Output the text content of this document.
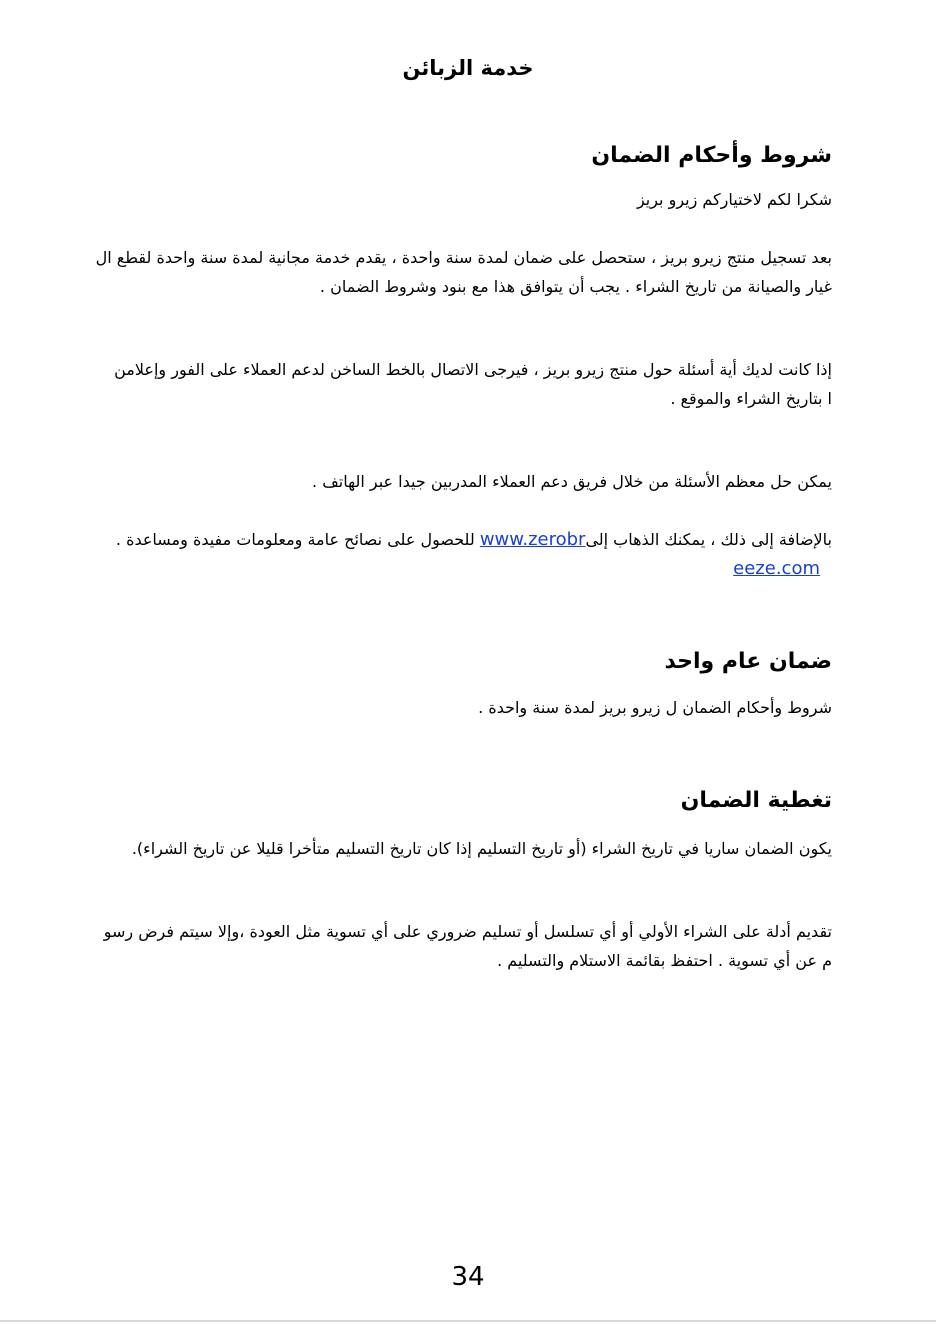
خدمة الزبائن
شروط وأحكام الضمان
شكرا لكم لاختياركم زيرو بريز
بعد تسجيل منتج زيرو بريز ، ستحصل على ضمان لمدة سنة واحدة ، يقدم خدمة مجانية لمدة سنة واحدة لقطع ال
غيار والصيانة من تاريخ الشراء . يجب أن يتوافق هذا مع بنود وشروط الضمان .
إذا كانت لديك أية أسئلة حول منتج زيرو بريز ، فيرجى الاتصال بالخط الساخن لدعم العملاء على الفور وإعلامن
ا بتاريخ الشراء والموقع .
يمكن حل معظم الأسئلة من خلال فريق دعم العملاء المدربين جيدا عبر الهاتف .
بالإضافة إلى ذلك ، يمكنك الذهاب إلىwww.zerobr للحصول على نصائح عامة ومعلومات مفيدة ومساعدة .
eeze.com
ضمان عام واحد
شروط وأحكام الضمان ل زيرو بريز لمدة سنة واحدة .
تغطية الضمان
يكون الضمان ساريا في تاريخ الشراء (أو تاريخ التسليم إذا كان تاريخ التسليم متأخرا قليلا عن تاريخ الشراء).
تقديم أدلة على الشراء الأولي أو أي تسلسل أو تسليم ضروري على أي تسوية مثل العودة ،وإلا سيتم فرض رسو
م عن أي تسوية . احتفظ بقائمة الاستلام والتسليم .
34
